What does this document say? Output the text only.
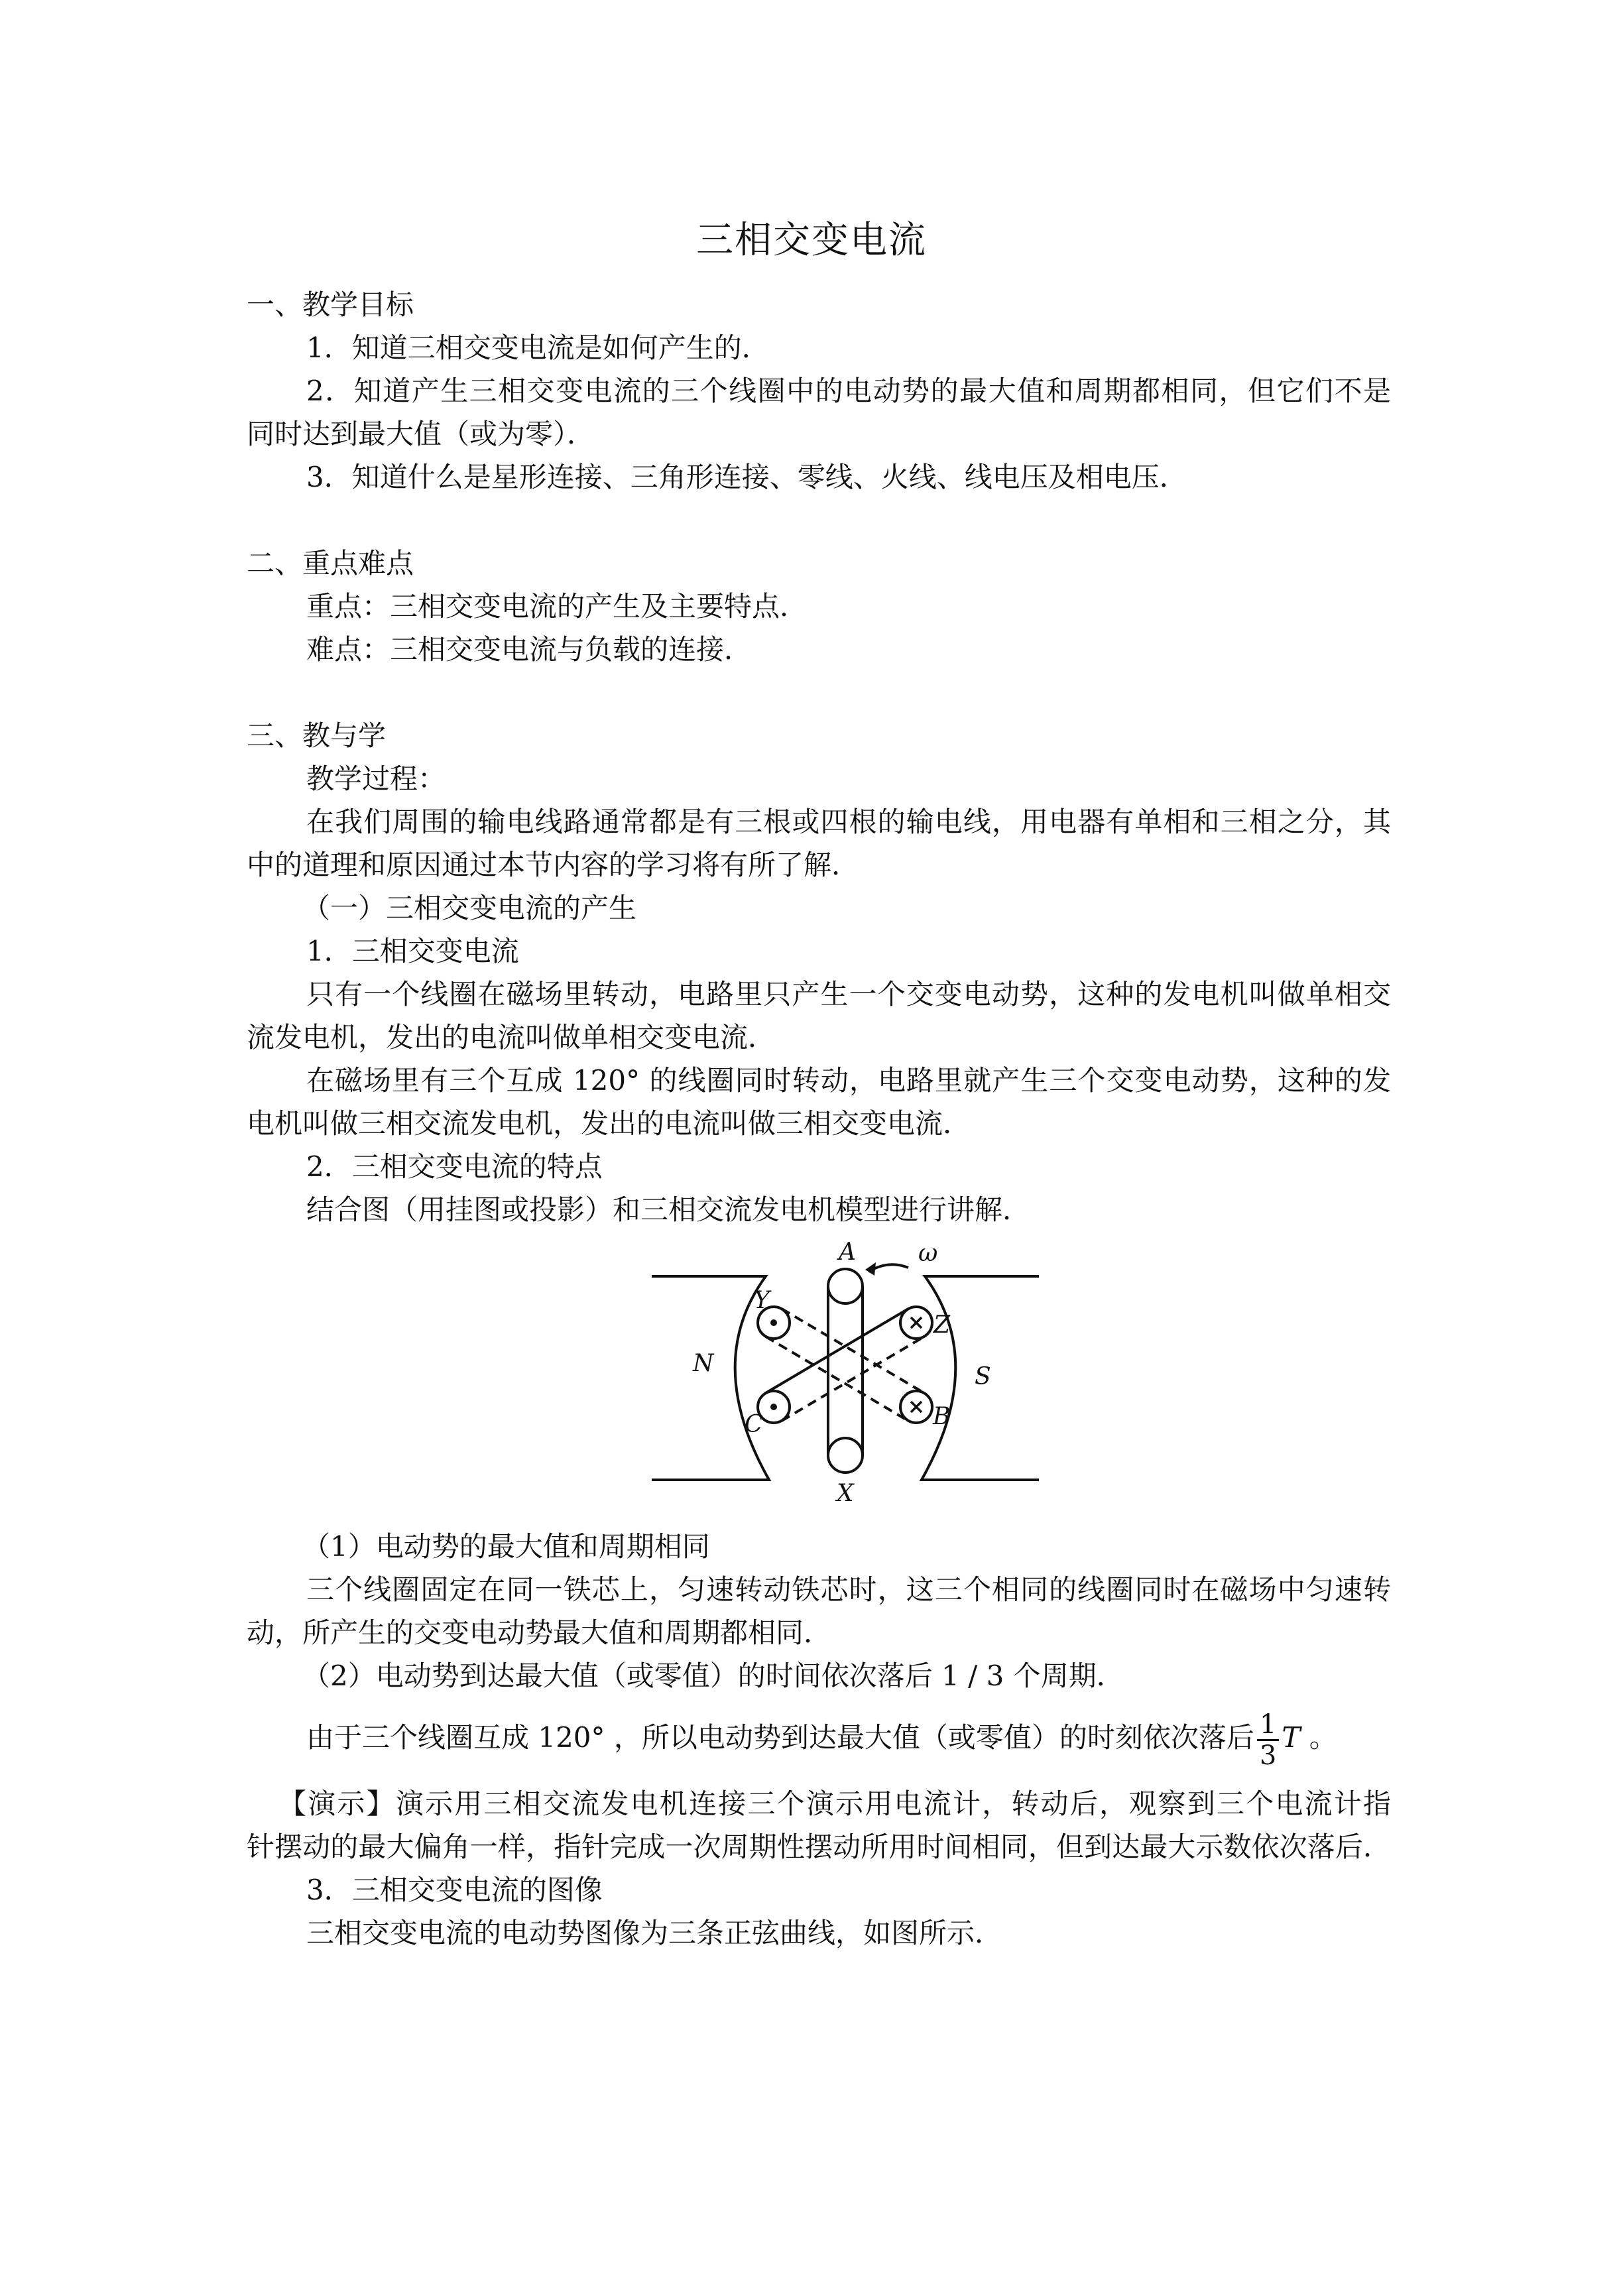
三相交变电流
一、教学目标
1．知道三相交变电流是如何产生的．
2．知道产生三相交变电流的三个线圈中的电动势的最大值和周期都相同，但它们不是
同时达到最大值（或为零）．
3．知道什么是星形连接、三角形连接、零线、火线、线电压及相电压．
二、重点难点
重点：三相交变电流的产生及主要特点．
难点：三相交变电流与负载的连接．
三、教与学
教学过程：
在我们周围的输电线路通常都是有三根或四根的输电线，用电器有单相和三相之分，其
中的道理和原因通过本节内容的学习将有所了解．
（一）三相交变电流的产生
1．三相交变电流
只有一个线圈在磁场里转动，电路里只产生一个交变电动势，这种的发电机叫做单相交
流发电机，发出的电流叫做单相交变电流．
在磁场里有三个互成 120° 的线圈同时转动，电路里就产生三个交变电动势，这种的发
电机叫做三相交流发电机，发出的电流叫做三相交变电流．
2．三相交变电流的特点
结合图（用挂图或投影）和三相交流发电机模型进行讲解．
A
X
Y
Z
B
C
N	S
ω
（1）电动势的最大值和周期相同
三个线圈固定在同一铁芯上，匀速转动铁芯时，这三个相同的线圈同时在磁场中匀速转
动，所产生的交变电动势最大值和周期都相同．
（2）电动势到达最大值（或零值）的时间依次落后 1 / 3 个周期．
由于三个线圈互成 120° ，所以电动势到达最大值（或零值）的时刻依次落后 $\frac{1}{3}$ T 。
【演示】演示用三相交流发电机连接三个演示用电流计，转动后，观察到三个电流计指
针摆动的最大偏角一样，指针完成一次周期性摆动所用时间相同，但到达最大示数依次落后．
3．三相交变电流的图像
三相交变电流的电动势图像为三条正弦曲线，如图所示．
